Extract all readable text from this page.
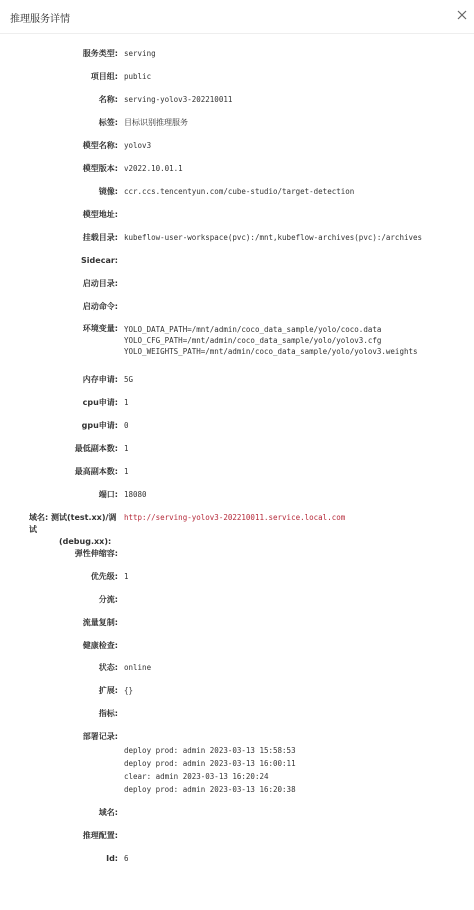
推理服务详情
服务类型: serving
项目组: public
名称: serving-yolov3-202210011
标签: 目标识别推理服务
模型名称: yolov3
模型版本: v2022.10.01.1
镜像: ccr.ccs.tencentyun.com/cube-studio/target-detection
模型地址:
挂载目录: kubeflow-user-workspace(pvc):/mnt,kubeflow-archives(pvc):/archives
Sidecar:
启动目录:
启动命令:
环境变量: YOLO_DATA_PATH=/mnt/admin/coco_data_sample/yolo/coco.data
YOLO_CFG_PATH=/mnt/admin/coco_data_sample/yolo/yolov3.cfg
YOLO_WEIGHTS_PATH=/mnt/admin/coco_data_sample/yolo/yolov3.weights
内存申请: 5G
cpu申请: 1
gpu申请: 0
最低副本数: 1
最高副本数: 1
端口: 18080
域名: 测试(test.xx)/调试
(debug.xx):
http://serving-yolov3-202210011.service.local.com
弹性伸缩容:
优先级: 1
分流:
流量复制:
健康检查:
状态: online
扩展: {}
指标:
部署记录:
deploy prod: admin 2023-03-13 15:58:53
deploy prod: admin 2023-03-13 16:00:11
clear: admin 2023-03-13 16:20:24
deploy prod: admin 2023-03-13 16:20:38
域名:
推理配置:
Id: 6
